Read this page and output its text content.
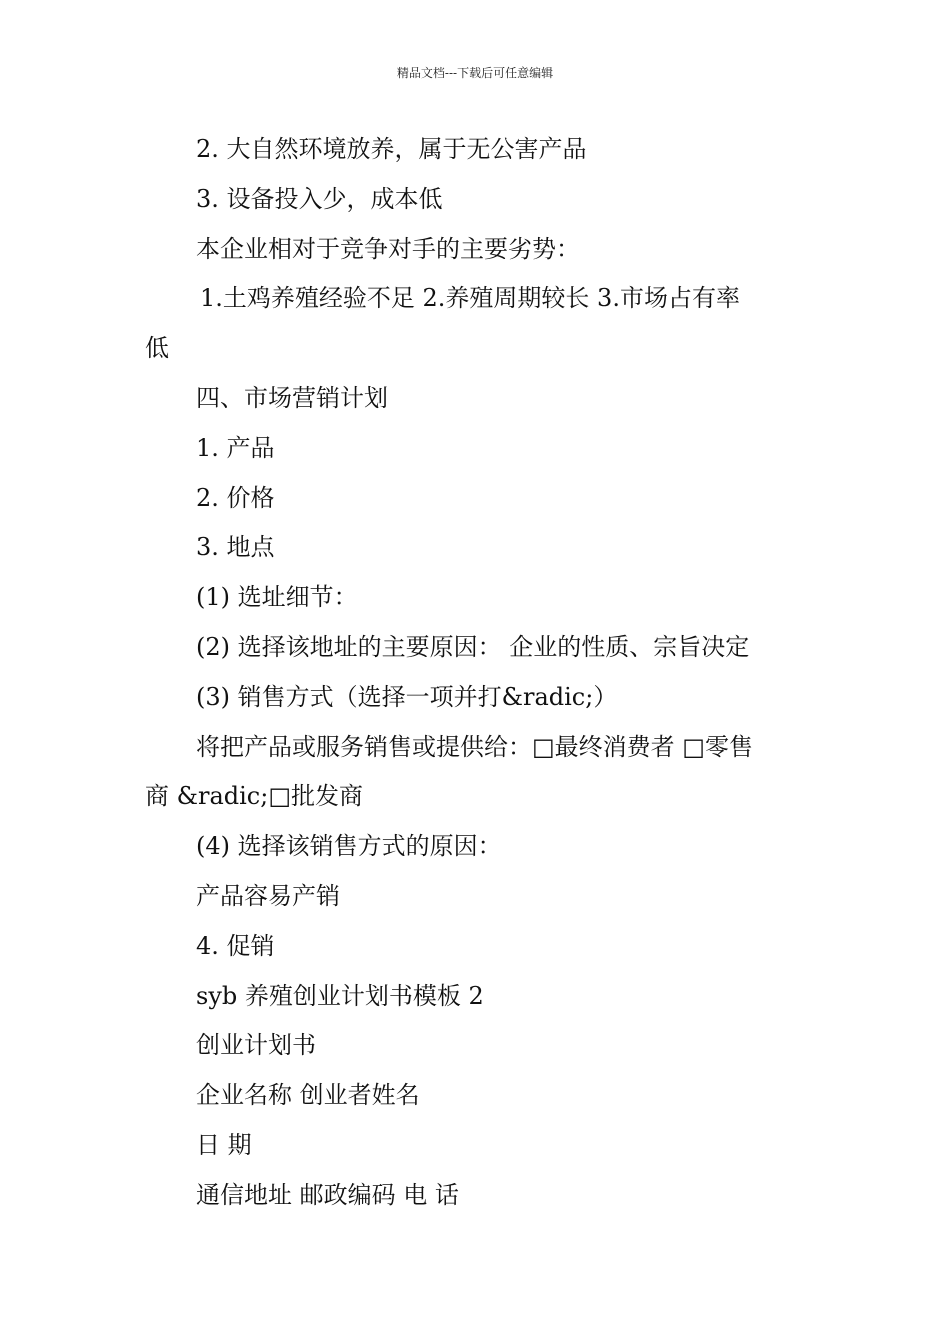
精品文档---下载后可任意编辑
2. 大自然环境放养，属于无公害产品
3. 设备投入少，成本低
本企业相对于竞争对手的主要劣势：
1.土鸡养殖经验不足 2.养殖周期较长 3.市场占有率
低
四、市场营销计划
1. 产品
2. 价格
3. 地点
(1) 选址细节：
(2) 选择该地址的主要原因： 企业的性质、宗旨决定
(3) 销售方式（选择一项并打&radic;）
将把产品或服务销售或提供给：□最终消费者 □零售
商 &radic;□批发商
(4) 选择该销售方式的原因：
产品容易产销
4. 促销
syb 养殖创业计划书模板 2
创业计划书
企业名称 创业者姓名
日 期
通信地址 邮政编码 电 话
